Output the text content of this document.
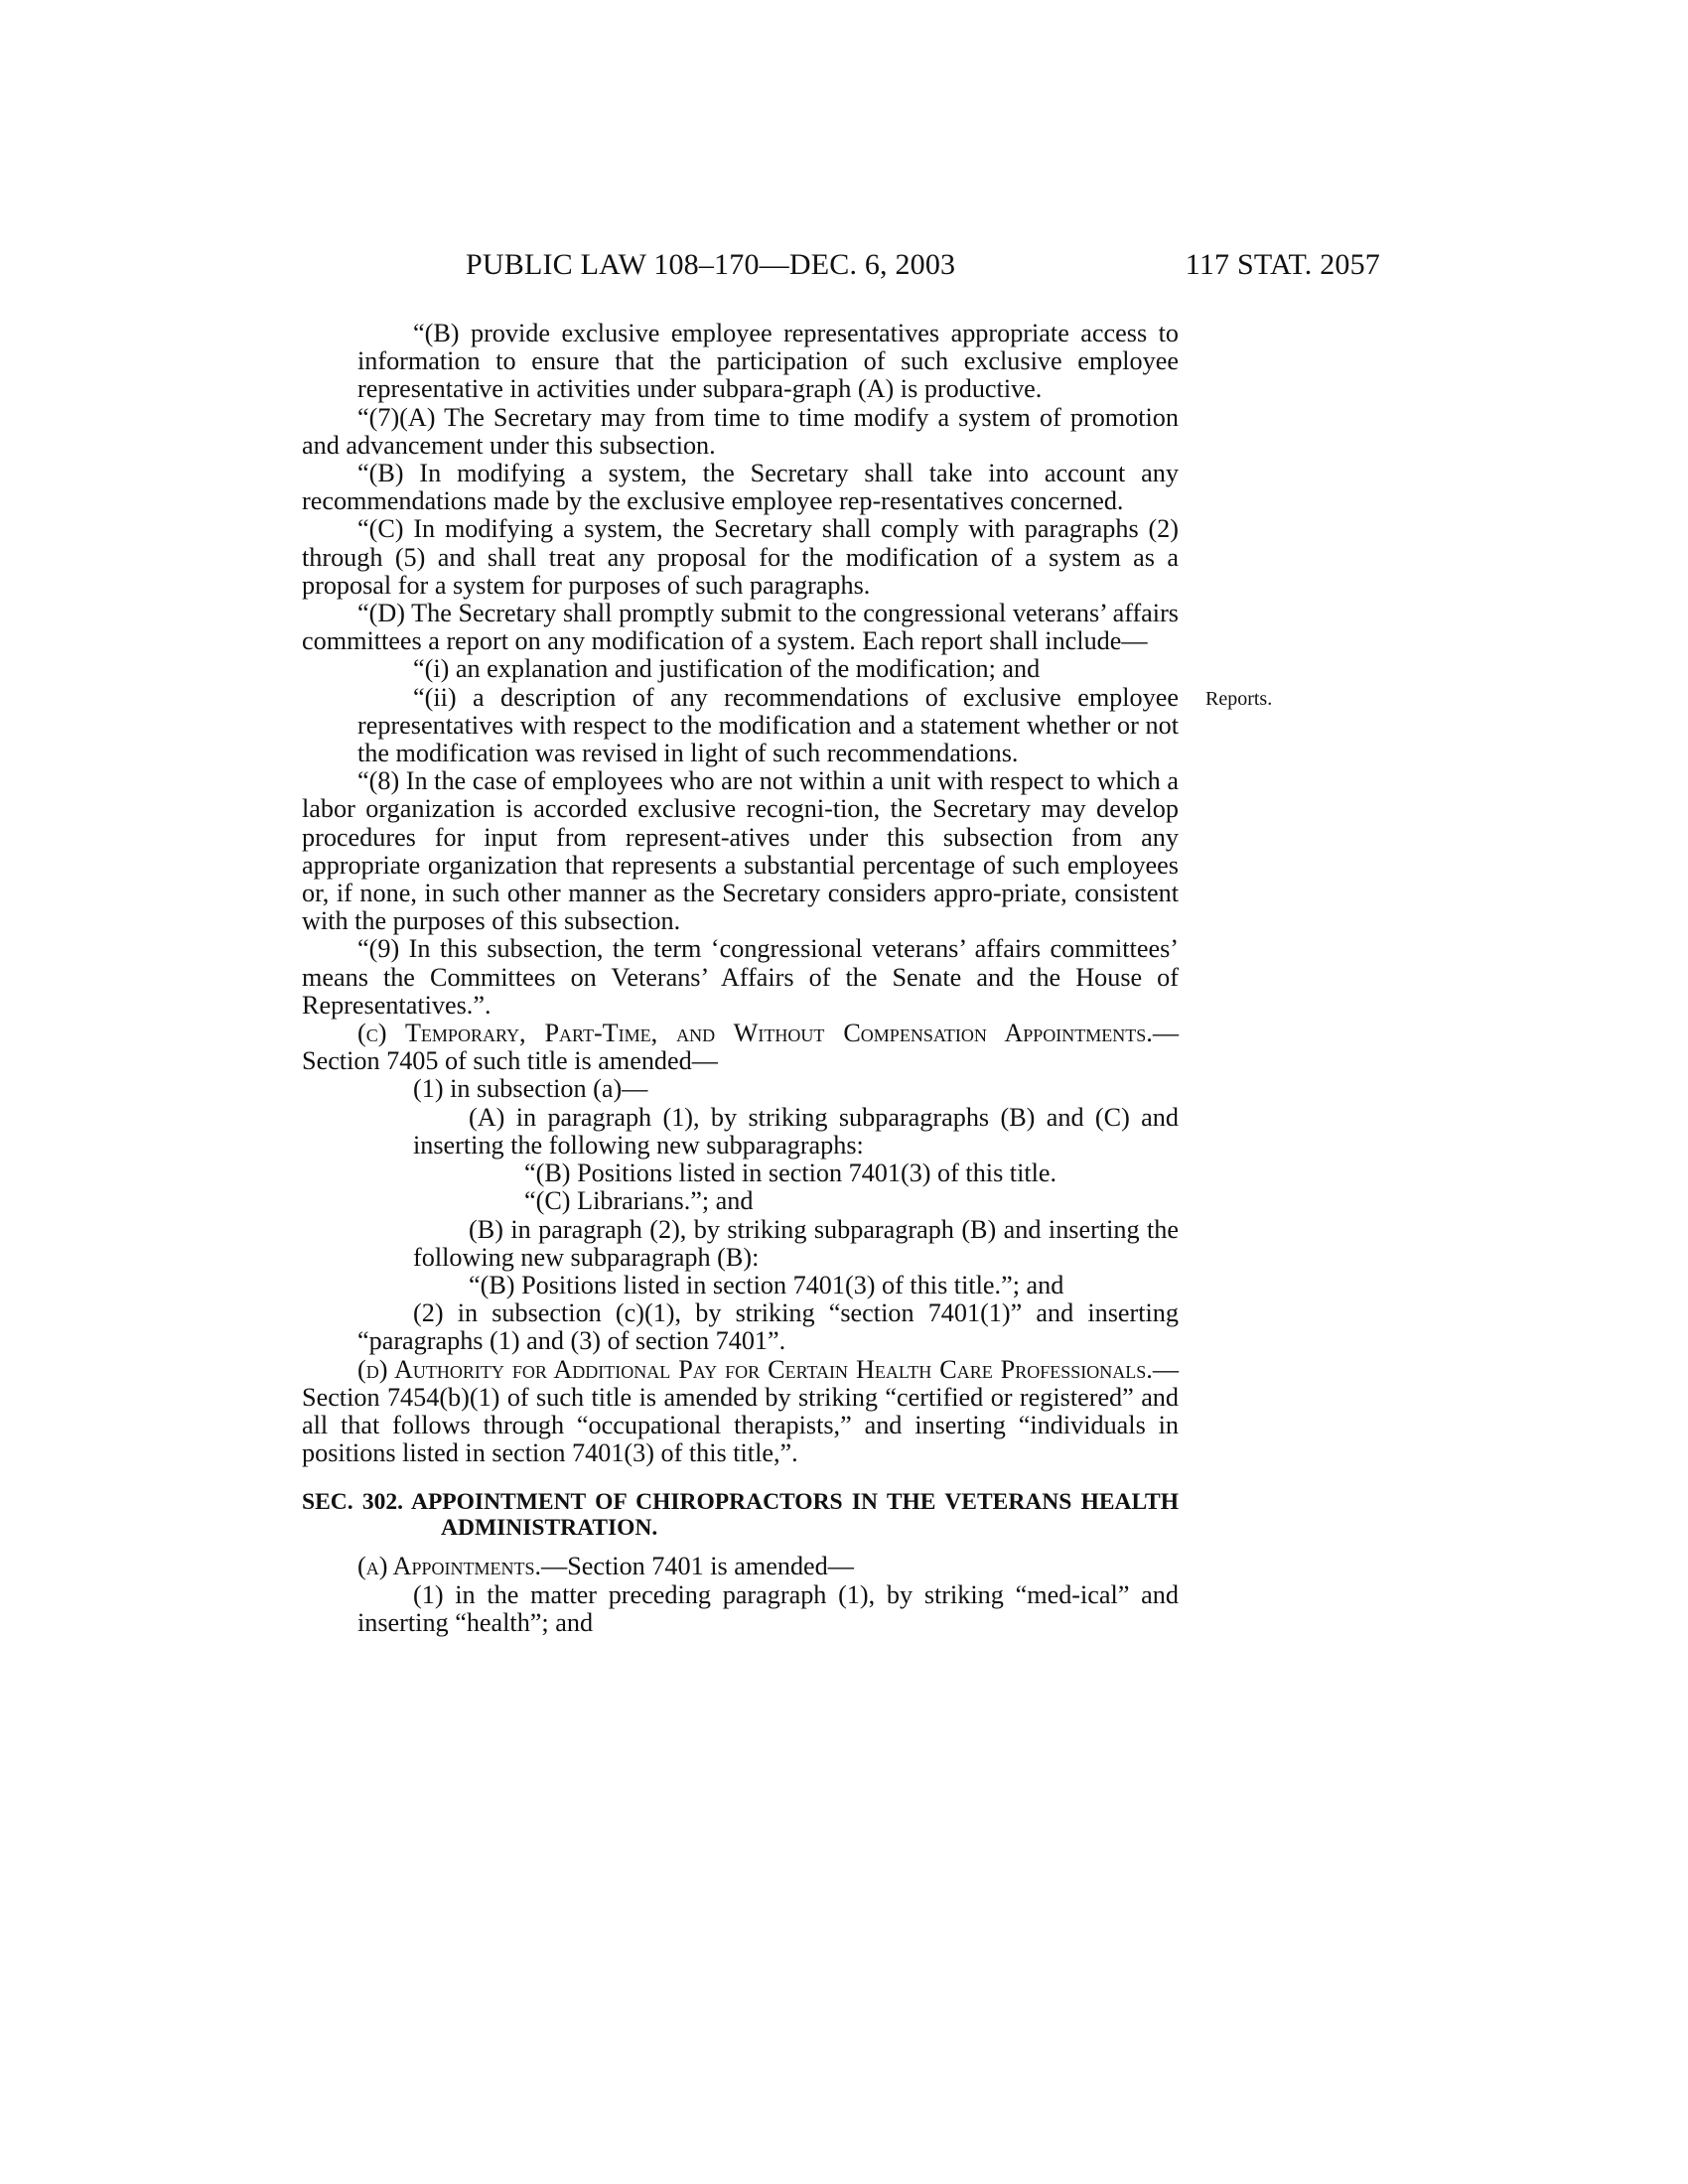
PUBLIC LAW 108–170—DEC. 6, 2003	117 STAT. 2057
Reports.

“(B) provide exclusive employee representatives appropriate access to information to ensure that the participation of such exclusive employee representative in activities under subpara-graph (A) is productive.

“(7)(A) The Secretary may from time to time modify a system of promotion and advancement under this subsection.

“(B) In modifying a system, the Secretary shall take into account any recommendations made by the exclusive employee rep-resentatives concerned.

“(C) In modifying a system, the Secretary shall comply with paragraphs (2) through (5) and shall treat any proposal for the modification of a system as a proposal for a system for purposes of such paragraphs.

“(D) The Secretary shall promptly submit to the congressional veterans’ affairs committees a report on any modification of a system. Each report shall include—

“(i) an explanation and justification of the modification; and

“(ii) a description of any recommendations of exclusive employee representatives with respect to the modification and a statement whether or not the modification was revised in light of such recommendations.

“(8) In the case of employees who are not within a unit with respect to which a labor organization is accorded exclusive recogni-tion, the Secretary may develop procedures for input from represent-atives under this subsection from any appropriate organization that represents a substantial percentage of such employees or, if none, in such other manner as the Secretary considers appro-priate, consistent with the purposes of this subsection.

“(9) In this subsection, the term ‘congressional veterans’ affairs committees’ means the Committees on Veterans’ Affairs of the Senate and the House of Representatives.”.

(c) Temporary, Part-Time, and Without Compensation Appointments.—Section 7405 of such title is amended—

(1) in subsection (a)—

(A) in paragraph (1), by striking subparagraphs (B) and (C) and inserting the following new subparagraphs:

“(B) Positions listed in section 7401(3) of this title.

“(C) Librarians.”; and

(B) in paragraph (2), by striking subparagraph (B) and inserting the following new subparagraph (B):

“(B) Positions listed in section 7401(3) of this title.”; and

(2) in subsection (c)(1), by striking “section 7401(1)” and inserting “paragraphs (1) and (3) of section 7401”.

(d) Authority for Additional Pay for Certain Health Care Professionals.—Section 7454(b)(1) of such title is amended by striking “certified or registered” and all that follows through “occupational therapists,” and inserting “individuals in positions listed in section 7401(3) of this title,”.

SEC. 302. APPOINTMENT OF CHIROPRACTORS IN THE VETERANS HEALTH ADMINISTRATION.

(a) Appointments.—Section 7401 is amended—

(1) in the matter preceding paragraph (1), by striking “med-ical” and inserting “health”; and
